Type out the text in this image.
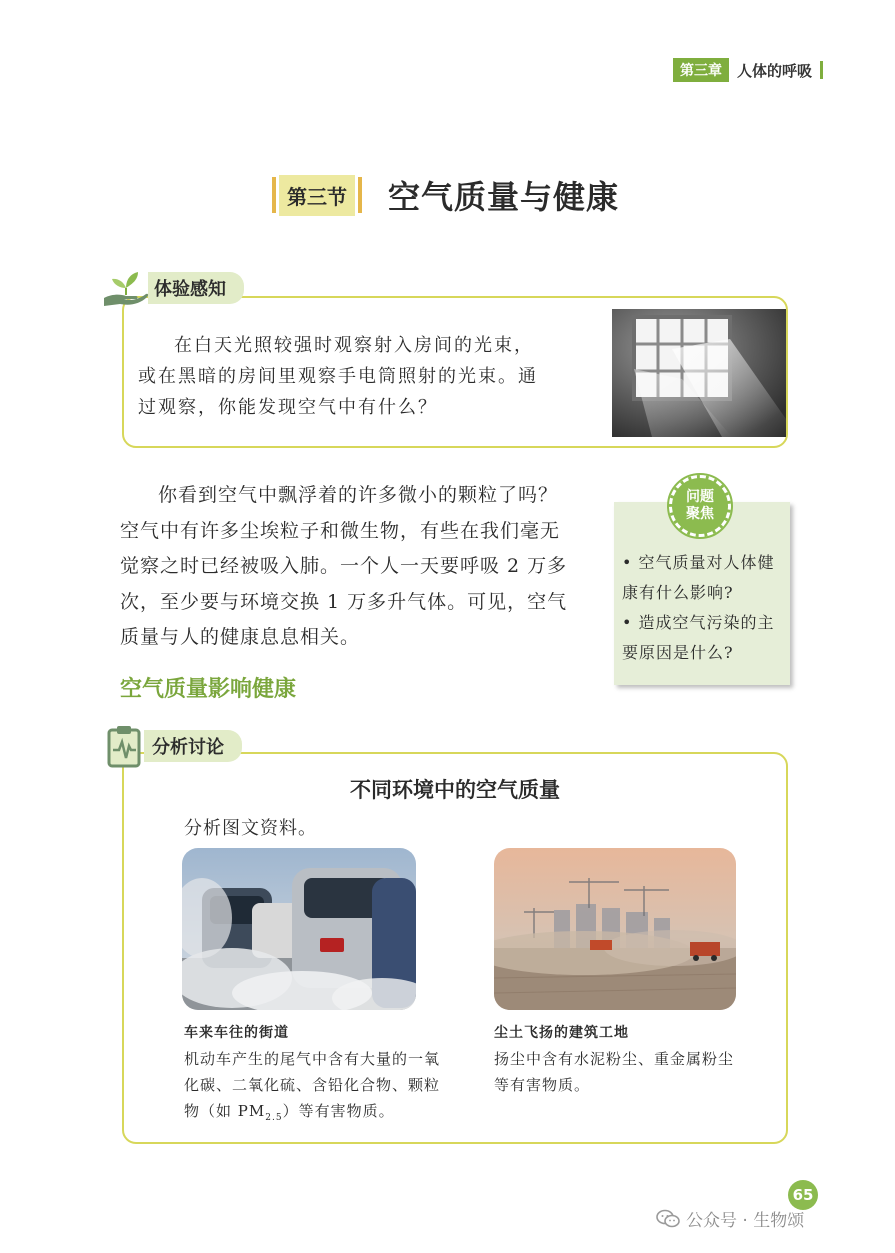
第三章	人体的呼吸
第三节 空气质量与健康
体验感知

在白天光照较强时观察射入房间的光束，或在黑暗的房间里观察手电筒照射的光束。通过观察，你能发现空气中有什么？

你看到空气中飘浮着的许多微小的颗粒了吗？空气中有许多尘埃粒子和微生物，有些在我们毫无觉察之时已经被吸入肺。一个人一天要呼吸 2 万多次，至少要与环境交换 1 万多升气体。可见，空气质量与人的健康息息相关。

问题
聚焦
• 空气质量对人体健康有什么影响?
• 造成空气污染的主要原因是什么?
空气质量影响健康
分析讨论
不同环境中的空气质量

分析图文资料。

车来车往的街道

机动车产生的尾气中含有大量的一氧化碳、二氧化硫、含铅化合物、颗粒物（如 $PM_{2.5}$）等有害物质。

尘土飞扬的建筑工地

扬尘中含有水泥粉尘、重金属粉尘等有害物质。

65
公众号 · 生物颂
